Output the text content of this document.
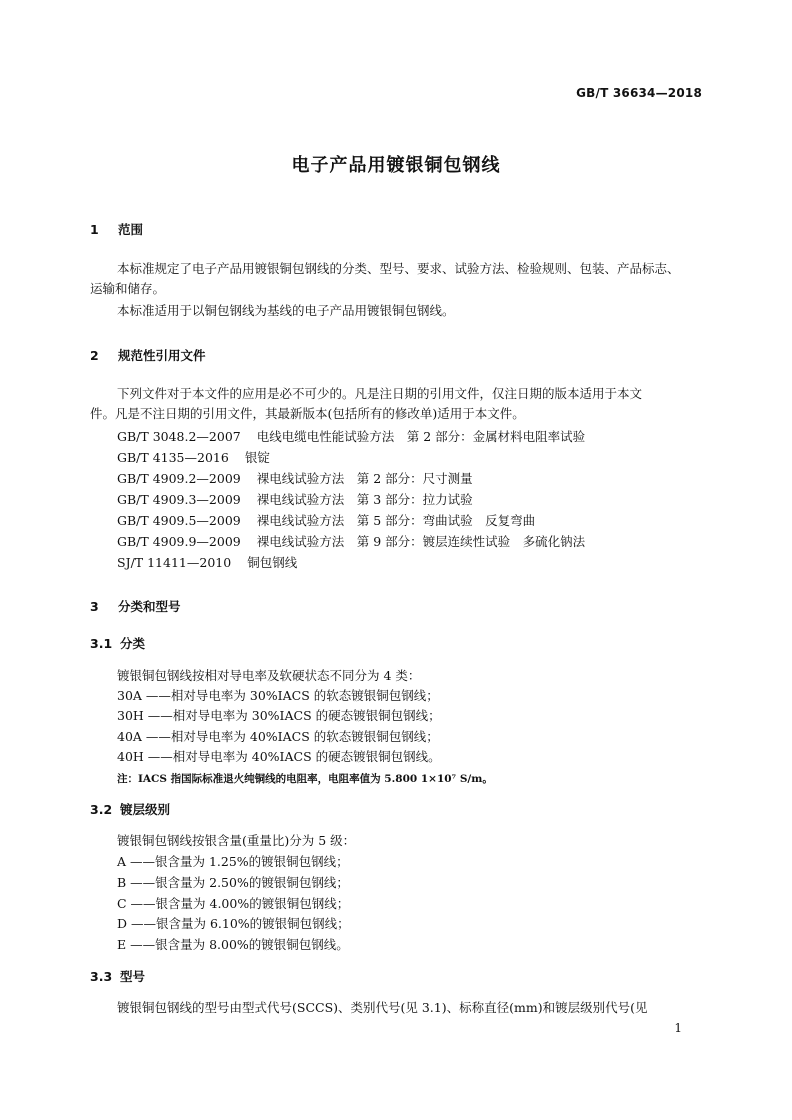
GB/T 36634—2018
电子产品用镀银铜包钢线
1 范围
本标准规定了电子产品用镀银铜包钢线的分类、型号、要求、试验方法、检验规则、包装、产品标志、
运输和储存。
本标准适用于以铜包钢线为基线的电子产品用镀银铜包钢线。
2 规范性引用文件
下列文件对于本文件的应用是必不可少的。凡是注日期的引用文件，仅注日期的版本适用于本文
件。凡是不注日期的引用文件，其最新版本(包括所有的修改单)适用于本文件。
GB/T 3048.2—2007 电线电缆电性能试验方法　第 2 部分：金属材料电阻率试验
GB/T 4135—2016 银锭
GB/T 4909.2—2009 裸电线试验方法　第 2 部分：尺寸测量
GB/T 4909.3—2009 裸电线试验方法　第 3 部分：拉力试验
GB/T 4909.5—2009 裸电线试验方法　第 5 部分：弯曲试验　反复弯曲
GB/T 4909.9—2009 裸电线试验方法　第 9 部分：镀层连续性试验　多硫化钠法
SJ/T 11411—2010 铜包钢线
3 分类和型号
3.1 分类
镀银铜包钢线按相对导电率及软硬状态不同分为 4 类：
30A ——相对导电率为 30%IACS 的软态镀银铜包钢线；
30H ——相对导电率为 30%IACS 的硬态镀银铜包钢线；
40A ——相对导电率为 40%IACS 的软态镀银铜包钢线；
40H ——相对导电率为 40%IACS 的硬态镀银铜包钢线。
注：IACS 指国际标准退火纯铜线的电阻率，电阻率值为 5.800 1×10⁷ S/m。
3.2 镀层级别
镀银铜包钢线按银含量(重量比)分为 5 级：
A ——银含量为 1.25%的镀银铜包钢线；
B ——银含量为 2.50%的镀银铜包钢线；
C ——银含量为 4.00%的镀银铜包钢线；
D ——银含量为 6.10%的镀银铜包钢线；
E ——银含量为 8.00%的镀银铜包钢线。
3.3 型号
镀银铜包钢线的型号由型式代号(SCCS)、类别代号(见 3.1)、标称直径(mm)和镀层级别代号(见
1
